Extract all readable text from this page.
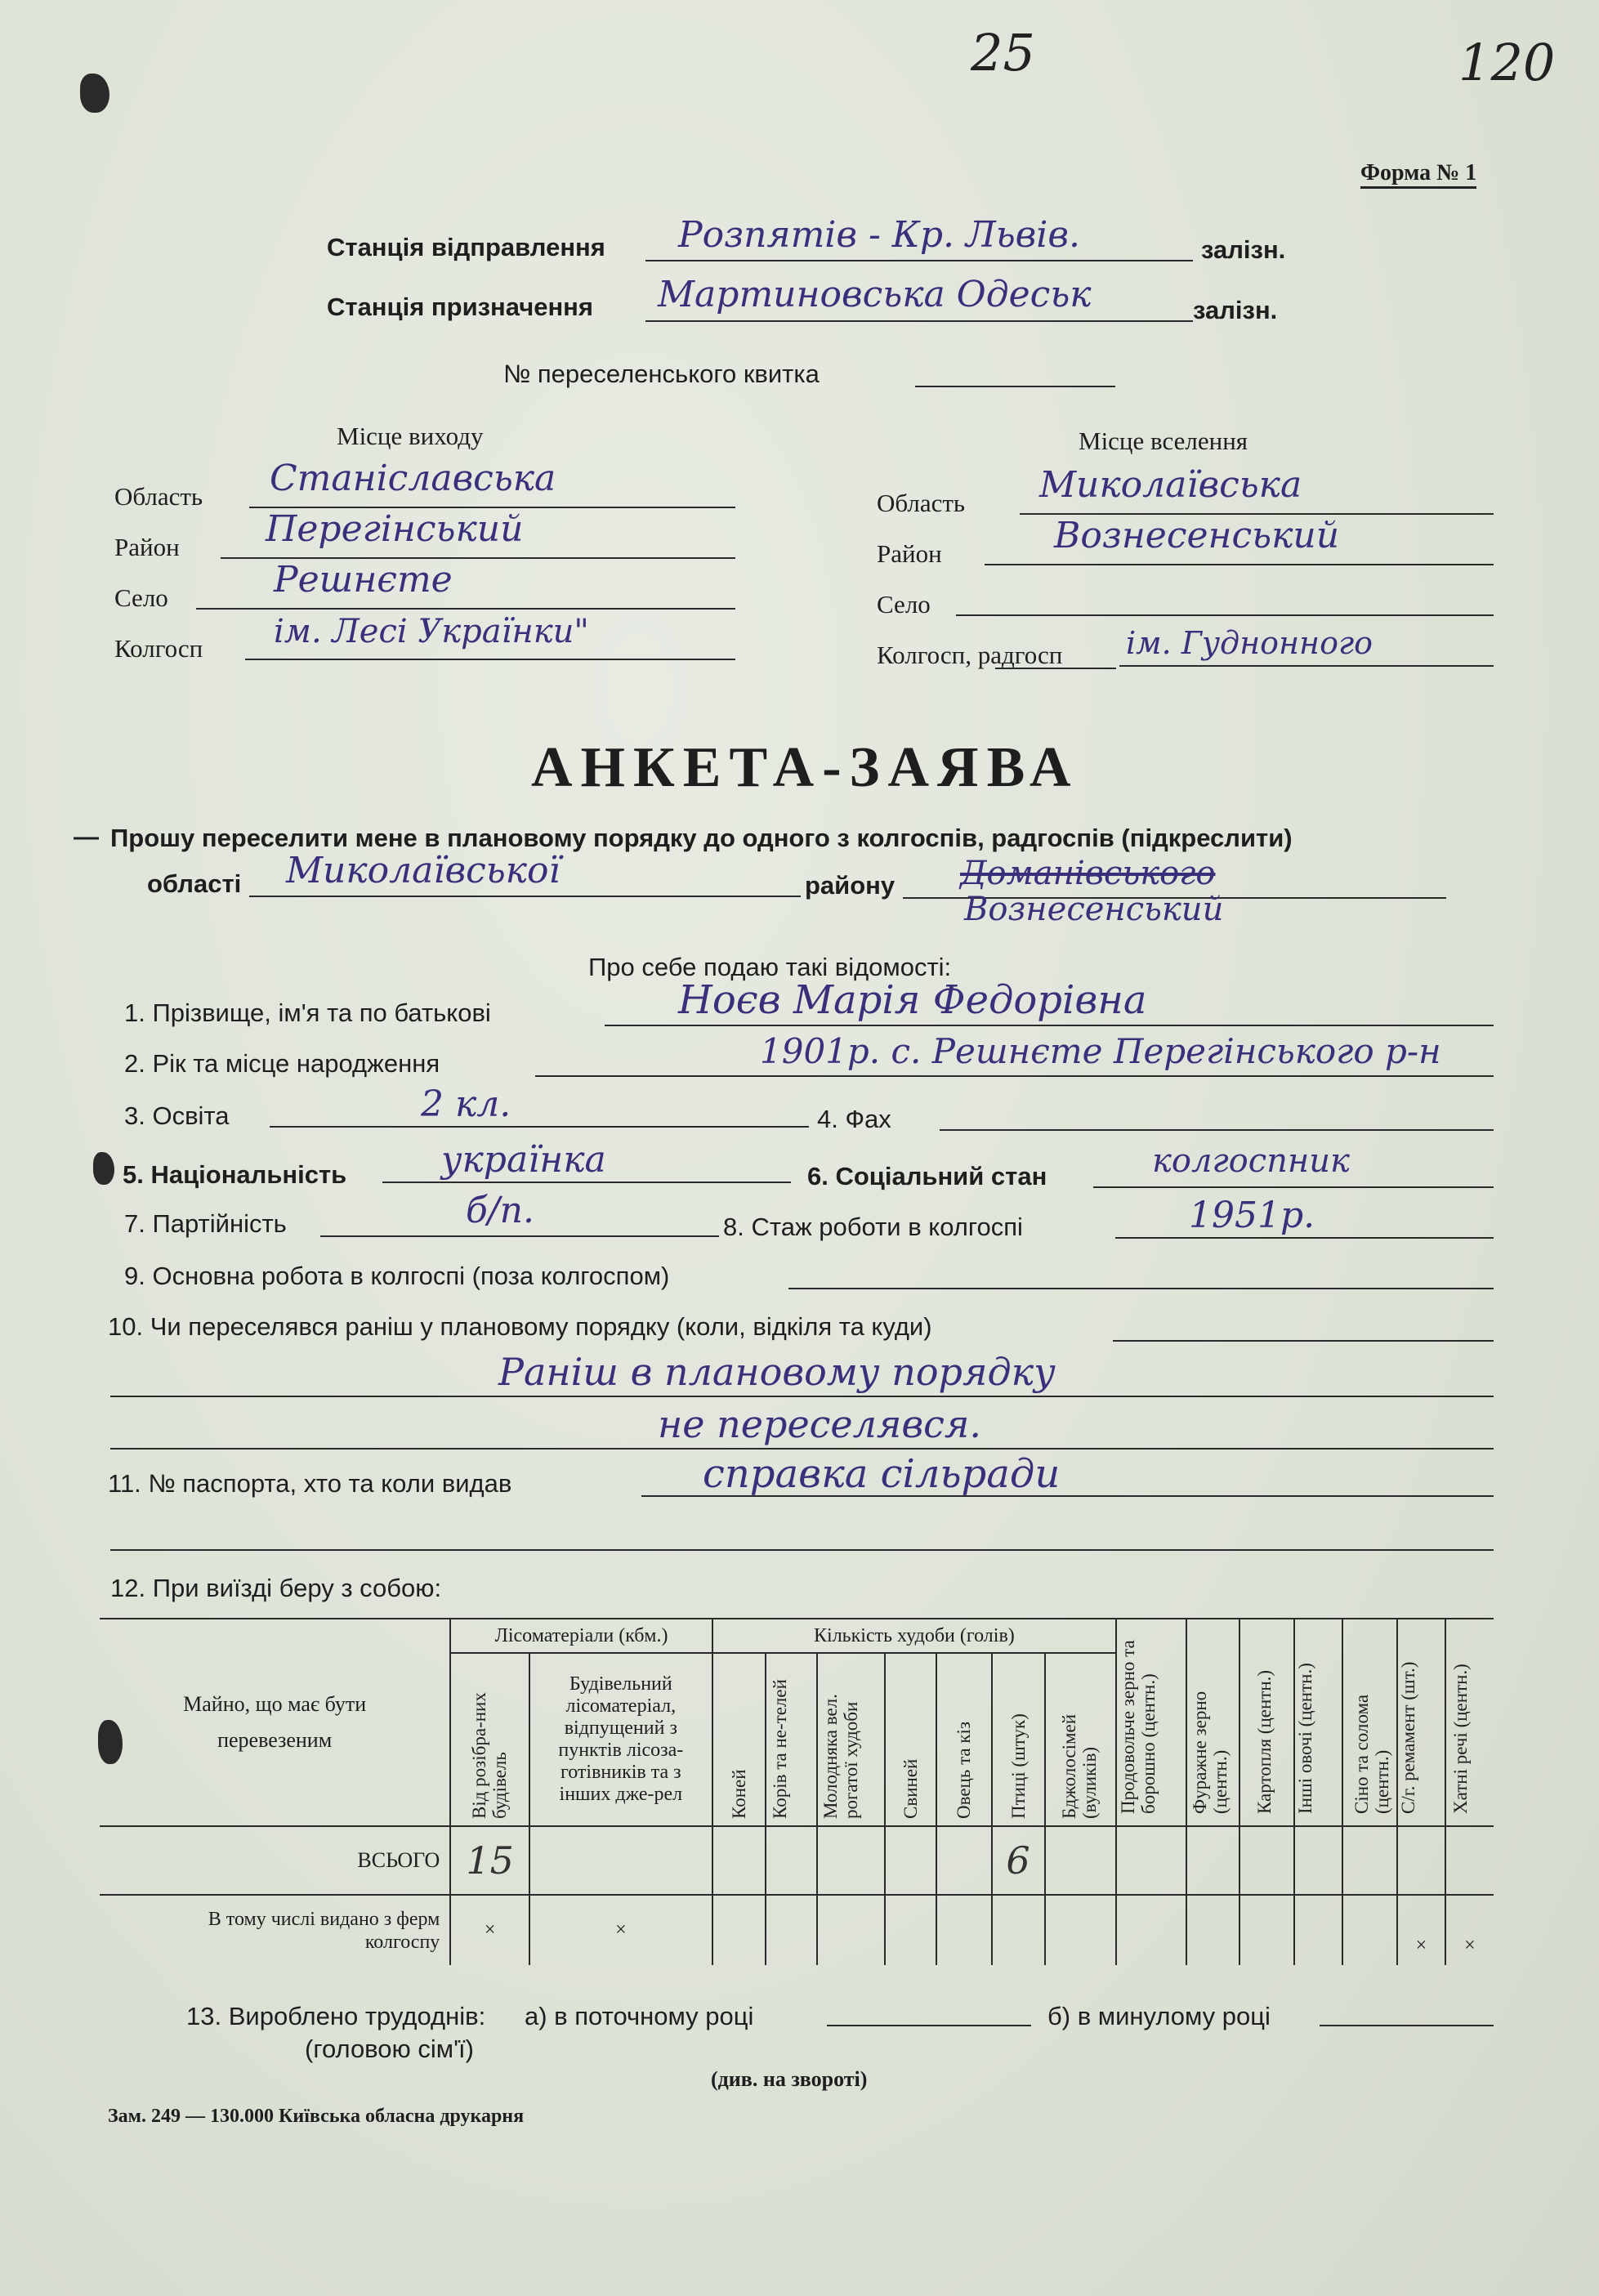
25	120
Форма № 1
Станція відправлення Розпятів - Кр. Львів.	залізн.
Станція призначення Мартиновська Одеськ	залізн.
№ переселенського квитка
Місце виходу
Область Станіславська
Район Перегінський
Село	Решнєте
Колгосп ім. Лесі Українки"
Місце вселення
Область Миколаївська
Район	Вознесенський
Село
Колгосп, радгосп ім. Гуднонного
АНКЕТА-ЗАЯВА
— Прошу переселити мене в плановому порядку до одного з колгоспів, радгоспів (підкреслити)
області Миколаївської	району Доманівського
Вознесенський
Про себе подаю такі відомості:
1. Прізвище, ім'я та по батькові	Ноєв Марія Федорівна
2. Рік та місце народження	1901р. с. Решнєте Перегінського р-н
3. Освіта	2 кл.	4. Фах
5. Національність	українка	6. Соціальний стан	колгоспник
7. Партійність	б/п.	8. Стаж роботи в колгоспі	1951р.
9. Основна робота в колгоспі (поза колгоспом)
10. Чи переселявся раніш у плановому порядку (коли, відкіля та куди)
Раніш в плановому порядку
не переселявся.
11. № паспорта, хто та коли видав	справка сільради
12. При виїзді беру з собою:
Майно, що має бути перевезеним	Лісоматеріали (кбм.)		Кількість худоби (голів)							Продовольче зерно та борошно (центн.)	Фуражне зерно (центн.)	Картопля (центн.)	Інші овочі (центн.)	Сіно та солома (центн.)	С/г. ремамент (шт.)	Хатні речі (центн.)
	Від розібра-них будівель	Будівельний лісоматеріал, відпущений з пунктів лісоза-готівників та з інших дже-рел	Коней	Корів та не-телей	Молодняка вел. рогатої худоби	Свиней	Овець та кіз	Птиці (штук)	Бджолосімей (вуликів)							
ВСЬОГО	15							6								
В тому числі видано з ферм колгоспу	×	×													×	×
13. Вироблено трудоднів:
(головою сім'ї)
а) в поточному році	б) в минулому році
(див. на звороті)
Зам. 249 — 130.000 Київська обласна друкарня
